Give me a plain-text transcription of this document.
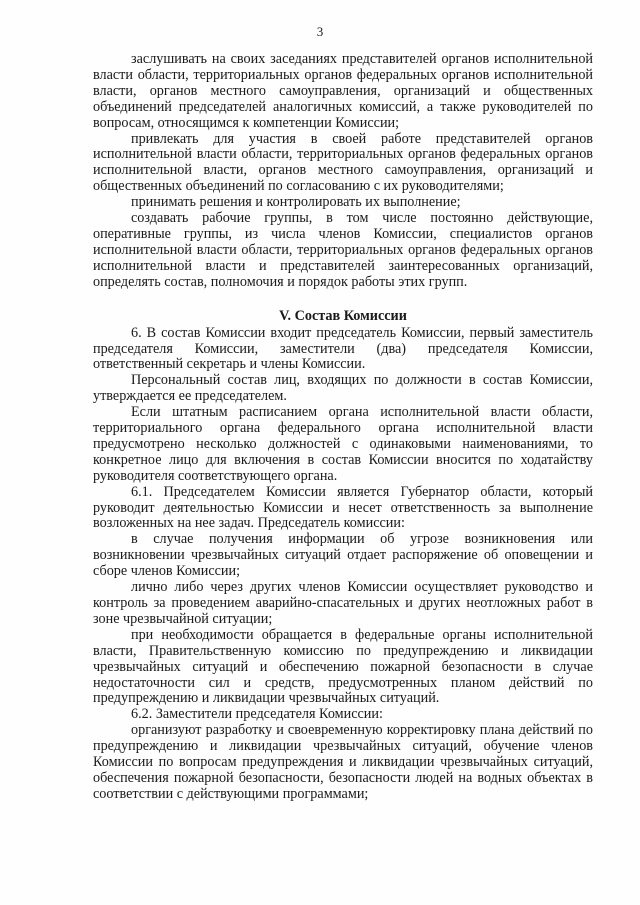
3

заслушивать на своих заседаниях представителей органов исполнительной власти области, территориальных органов федеральных органов исполнительной власти, органов местного самоуправления, организаций и общественных объединений председателей аналогичных комиссий, а также руководителей по вопросам, относящимся к компетенции Комиссии;

привлекать для участия в своей работе представителей органов исполнительной власти области, территориальных органов федеральных органов исполнительной власти, органов местного самоуправления, организаций и общественных объединений по согласованию с их руководителями;

принимать решения и контролировать их выполнение;

создавать рабочие группы, в том числе постоянно действующие, оперативные группы, из числа членов Комиссии, специалистов органов исполнительной власти области, территориальных органов федеральных органов исполнительной власти и представителей заинтересованных организаций, определять состав, полномочия и порядок работы этих групп.

V. Состав Комиссии

6. В состав Комиссии входит председатель Комиссии, первый заместитель председателя Комиссии, заместители (два) председателя Комиссии, ответственный секретарь и члены Комиссии.

Персональный состав лиц, входящих по должности в состав Комиссии, утверждается ее председателем.

Если штатным расписанием органа исполнительной власти области, территориального органа федерального органа исполнительной власти предусмотрено несколько должностей с одинаковыми наименованиями, то конкретное лицо для включения в состав Комиссии вносится по ходатайству руководителя соответствующего органа.

6.1. Председателем Комиссии является Губернатор области, который руководит деятельностью Комиссии и несет ответственность за выполнение возложенных на нее задач. Председатель комиссии:

в случае получения информации об угрозе возникновения или возникновении чрезвычайных ситуаций отдает распоряжение об оповещении и сборе членов Комиссии;

лично либо через других членов Комиссии осуществляет руководство и контроль за проведением аварийно-спасательных и других неотложных работ в зоне чрезвычайной ситуации;

при необходимости обращается в федеральные органы исполнительной власти, Правительственную комиссию по предупреждению и ликвидации чрезвычайных ситуаций и обеспечению пожарной безопасности в случае недостаточности сил и средств, предусмотренных планом действий по предупреждению и ликвидации чрезвычайных ситуаций.

6.2. Заместители председателя Комиссии:

организуют разработку и своевременную корректировку плана действий по предупреждению и ликвидации чрезвычайных ситуаций, обучение членов Комиссии по вопросам предупреждения и ликвидации чрезвычайных ситуаций, обеспечения пожарной безопасности, безопасности людей на водных объектах в соответствии с действующими программами;
